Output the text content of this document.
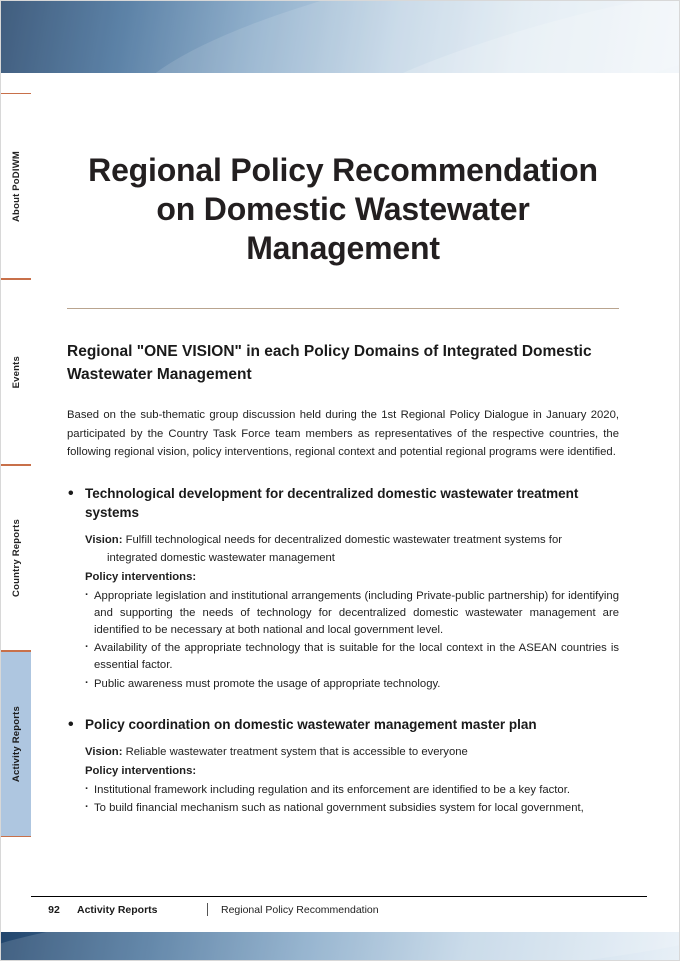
About PoDIWM
Events
Country Reports
Activity Reports
Regional Policy Recommendation on Domestic Wastewater Management
Regional "ONE VISION" in each Policy Domains of Integrated Domestic Wastewater Management

Based on the sub-thematic group discussion held during the 1st Regional Policy Dialogue in January 2020, participated by the Country Task Force team members as representatives of the respective countries, the following regional vision, policy interventions, regional context and potential regional programs were identified.

• Technological development for decentralized domestic wastewater treatment systems
Vision: Fulfill technological needs for decentralized domestic wastewater treatment systems for
integrated domestic wastewater management
Policy interventions:
· Appropriate legislation and institutional arrangements (including Private-public partnership) for identifying and supporting the needs of technology for decentralized domestic wastewater management are identified to be necessary at both national and local government level.
· Availability of the appropriate technology that is suitable for the local context in the ASEAN countries is essential factor.
· Public awareness must promote the usage of appropriate technology.
• Policy coordination on domestic wastewater management master plan
Vision: Reliable wastewater treatment system that is accessible to everyone
Policy interventions:
· Institutional framework including regulation and its enforcement are identified to be a key factor.
· To build financial mechanism such as national government subsidies system for local government,
92	Activity Reports	Regional Policy Recommendation
